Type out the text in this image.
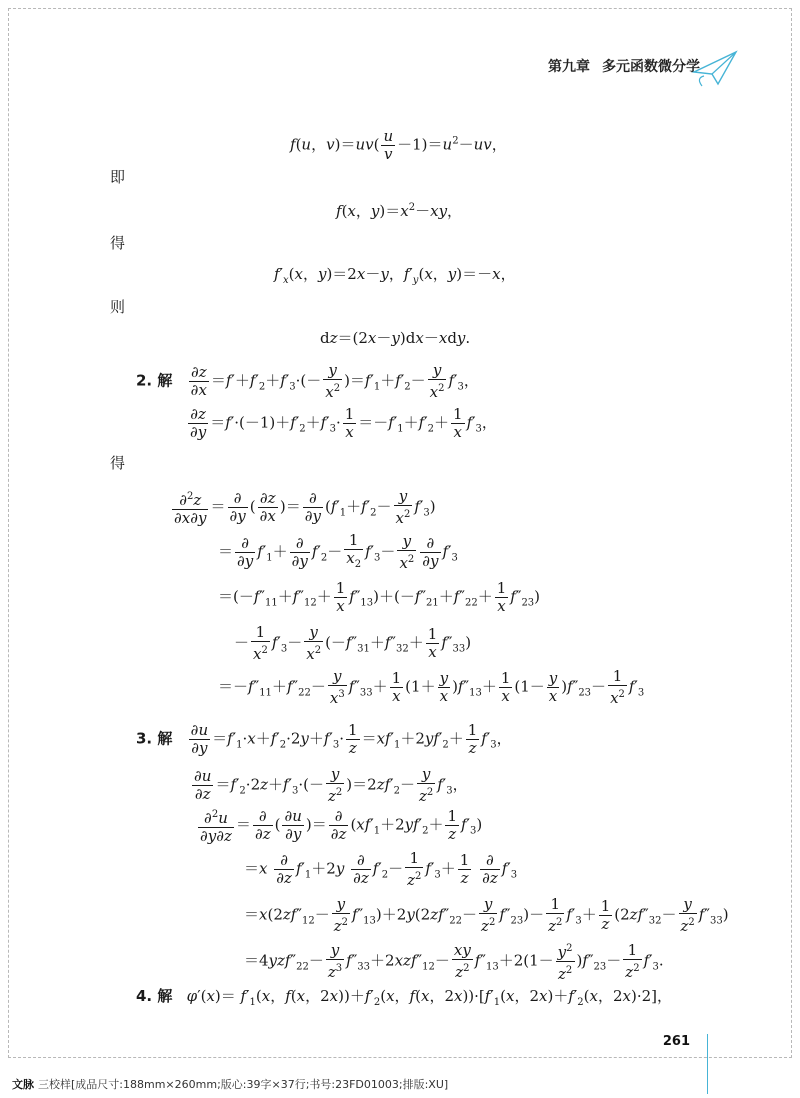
第九章 多元函数微分学
f(u，$v)=uv( \frac{u}{v} -1)=u^2-uv$，
即
f(x，$y)=x^2-xy$，
得
$f'_x(x$，y)＝2x－y，$f'_y(x$，y)＝－x，
则
dz＝(2x－y)dx－xdy.
2. 解 $\frac{\partial z}{\partial x} =f'+f'_2+f'_3\cdot(- \frac{y}{x^2} )=f'_1+f'_2- \frac{y}{x^2} f'_3$，
$\frac{\partial z}{\partial y} =f'\cdot(-1)+f'_2+f'_3\cdot \frac{1}{x} =-f'_1+f'_2+ \frac{1}{x} f'_3$，
得
$\frac{\partial^2z}{\partial x\partial y} = \frac{\partial}{\partial y}$ ( $\frac{\partial z}{\partial x}$ )＝ $\frac{\partial}{\partial y} (f'_1+f'_2- \frac{y}{x^2} f'_3)$
＝ $\frac{\partial}{\partial y} f'_1+ \frac{\partial}{\partial y} f'_2- \frac{1}{x_2} f'_3- \frac{y}{x^2} \frac{\partial}{\partial y} f'_3$
$=(-f''_{11}+f''_{12}+ \frac{1}{x} f''_{13})+(-f''_{21}+f''_{22}+ \frac{1}{x} f''_{23})$
－ $\frac{1}{x^2} f'_3- \frac{y}{x^2} (-f''_{31}+f''_{32}+ \frac{1}{x} f''_{33})$
$=-f''_{11}+f''_{22}- \frac{y}{x^3} f''_{33}+ \frac{1}{x} (1+ \frac{y}{x} )f''_{13}+ \frac{1}{x} (1- \frac{y}{x} )f''_{23}- \frac{1}{x^2} f'_3$
3. 解 $\frac{\partial u}{\partial y} =f'_1\cdot x+f'_2\cdot 2y+f'_3\cdot \frac{1}{z} =xf'_1+2yf'_2+ \frac{1}{z} f'_3$，
$\frac{\partial u}{\partial z} =f'_2\cdot 2z+f'_3\cdot(- \frac{y}{z^2} )=2zf'_2- \frac{y}{z^2} f'_3$，
$\frac{\partial^2u}{\partial y\partial z} = \frac{\partial}{\partial z}$ ( $\frac{\partial u}{\partial y}$ )＝ $\frac{\partial}{\partial z} (xf'_1+2yf'_2+ \frac{1}{z} f'_3)$
$=x \frac{\partial}{\partial z} f'_1+2y \frac{\partial}{\partial z} f'_2- \frac{1}{z^2} f'_3+ \frac{1}{z}$
$\frac{\partial}{\partial z} f'_3$
$=x(2zf''_{12}- \frac{y}{z^2} f''_{13})+2y(2zf''_{22}- \frac{y}{z^2} f''_{23})- \frac{1}{z^2} f'_3+ \frac{1}{z} (2zf''_{32}- \frac{y}{z^2} f''_{33})$
$=4yzf''_{22}- \frac{y}{z^3} f''_{33}+2xzf''_{12}- \frac{xy}{z^2} f''_{13}+2(1- \frac{y^2}{z^2} )f''_{23}- \frac{1}{z^2} f'_3$.
4. 解 $\varphi'(x)= f'_1(x$，f(x，$2x))+f'_2(x$，f(x，$2x))\cdot[f'_1(x$，$2x)+f'_2(x$，2x)·2]，
261
文脉 三校样[成品尺寸:188mm×260mm;版心:39字×37行;书号:23FD01003;排版:XU]
